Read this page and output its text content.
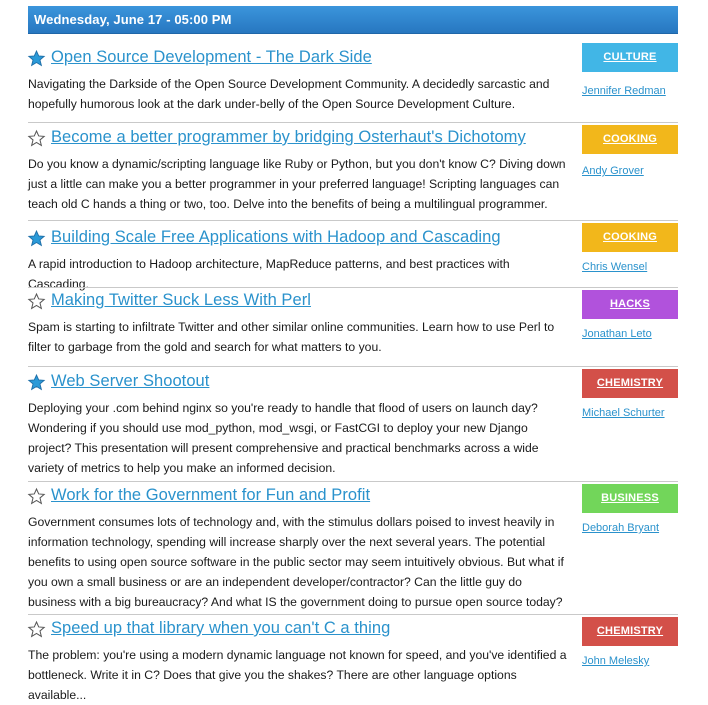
Wednesday, June 17 - 05:00 PM
Open Source Development - The Dark Side
Navigating the Darkside of the Open Source Development Community. A decidedly sarcastic and hopefully humorous look at the dark under-belly of the Open Source Development Culture.
CULTURE
Jennifer Redman
Become a better programmer by bridging Osterhaut's Dichotomy
Do you know a dynamic/scripting language like Ruby or Python, but you don't know C? Diving down just a little can make you a better programmer in your preferred language! Scripting languages can teach old C hands a thing or two, too. Delve into the benefits of being a multilingual programmer.
COOKING
Andy Grover
Building Scale Free Applications with Hadoop and Cascading
A rapid introduction to Hadoop architecture, MapReduce patterns, and best practices with Cascading.
COOKING
Chris Wensel
Making Twitter Suck Less With Perl
Spam is starting to infiltrate Twitter and other similar online communities. Learn how to use Perl to filter to garbage from the gold and search for what matters to you.
HACKS
Jonathan Leto
Web Server Shootout
Deploying your .com behind nginx so you're ready to handle that flood of users on launch day? Wondering if you should use mod_python, mod_wsgi, or FastCGI to deploy your new Django project? This presentation will present comprehensive and practical benchmarks across a wide variety of metrics to help you make an informed decision.
CHEMISTRY
Michael Schurter
Work for the Government for Fun and Profit
Government consumes lots of technology and, with the stimulus dollars poised to invest heavily in information technology, spending will increase sharply over the next several years. The potential benefits to using open source software in the public sector may seem intuitively obvious. But what if you own a small business or are an independent developer/contractor? Can the little guy do business with a big bureaucracy? And what IS the government doing to pursue open source today?
BUSINESS
Deborah Bryant
Speed up that library when you can't C a thing
The problem: you're using a modern dynamic language not known for speed, and you've identified a bottleneck. Write it in C? Does that give you the shakes? There are other language options available...
CHEMISTRY
John Melesky
